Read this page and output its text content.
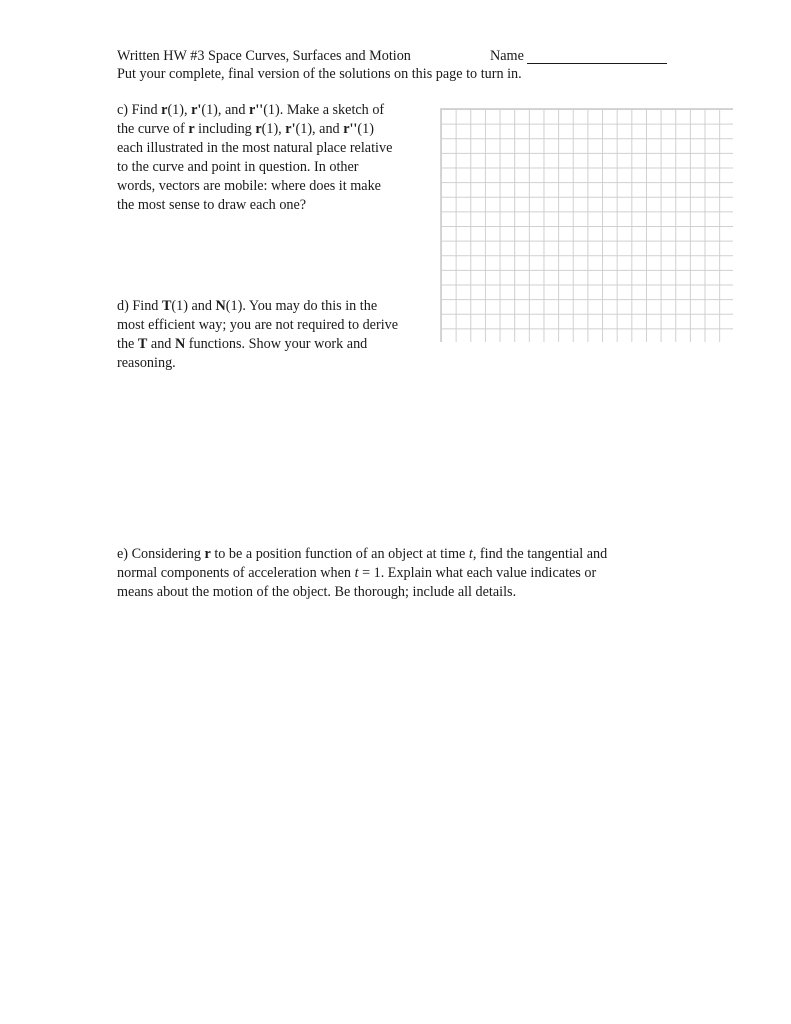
Written HW #3 Space Curves, Surfaces and Motion	Name
Put your complete, final version of the solutions on this page to turn in.

c) Find r(1), r'(1), and r''(1). Make a sketch of

the curve of r including r(1), r'(1), and r''(1)

each illustrated in the most natural place relative

to the curve and point in question. In other

words, vectors are mobile: where does it make

the most sense to draw each one?

d) Find T(1) and N(1). You may do this in the

most efficient way; you are not required to derive

the T and N functions. Show your work and

reasoning.

e) Considering r to be a position function of an object at time t, find the tangential and

normal components of acceleration when t = 1. Explain what each value indicates or

means about the motion of the object. Be thorough; include all details.
